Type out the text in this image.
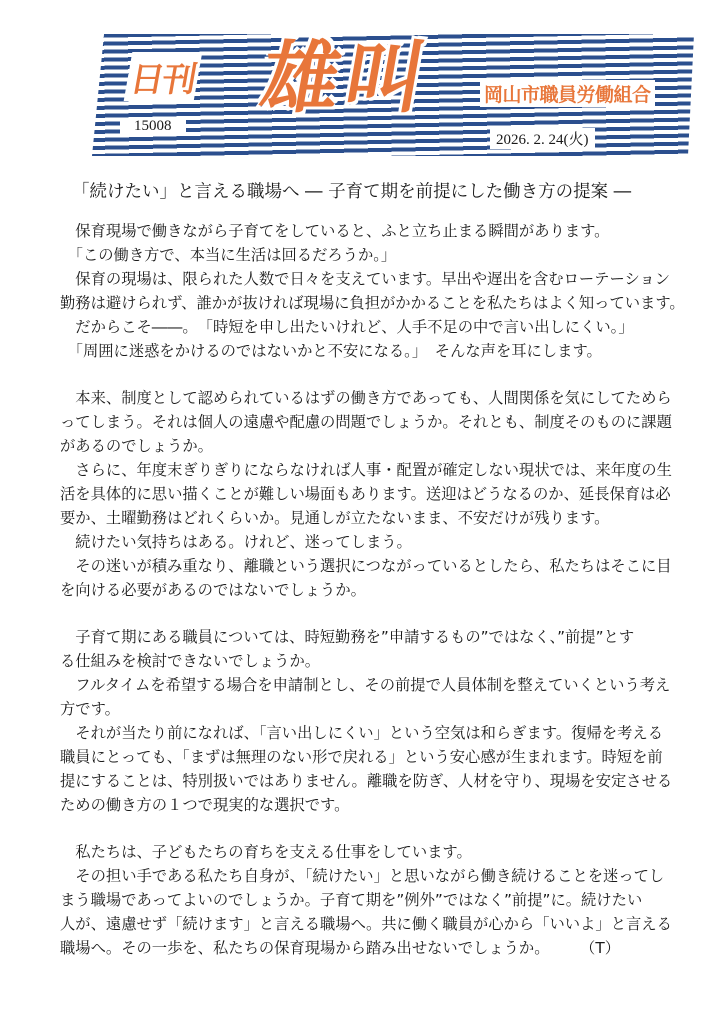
日刊 雄叫 岡山市職員労働組合
15008
2026. 2. 24(火)
「続けたい」と言える職場へ ― 子育て期を前提にした働き方の提案 ―
　保育現場で働きながら子育てをしていると、ふと立ち止まる瞬間があります。
　「この働き方で、本当に生活は回るだろうか。」
　保育の現場は、限られた人数で日々を支えています。早出や遅出を含むローテーション
勤務は避けられず、誰かが抜ければ現場に負担がかかることを私たちはよく知っています。
　だからこそ――。　「時短を申し出たいけれど、人手不足の中で言い出しにくい。」
　「周囲に迷惑をかけるのではないかと不安になる。」　そんな声を耳にします。
　本来、制度として認められているはずの働き方であっても、人間関係を気にしてためら
ってしまう。それは個人の遠慮や配慮の問題でしょうか。それとも、制度そのものに課題
があるのでしょうか。
　さらに、年度末ぎりぎりにならなければ人事・配置が確定しない現状では、来年度の生
活を具体的に思い描くことが難しい場面もあります。送迎はどうなるのか、延長保育は必
要か、土曜勤務はどれくらいか。見通しが立たないまま、不安だけが残ります。
　続けたい気持ちはある。けれど、迷ってしまう。
　その迷いが積み重なり、離職という選択につながっているとしたら、私たちはそこに目
を向ける必要があるのではないでしょうか。
　子育て期にある職員については、時短勤務を”申請するもの”ではなく、”前提”とす
る仕組みを検討できないでしょうか。
　フルタイムを希望する場合を申請制とし、その前提で人員体制を整えていくという考え
方です。
　それが当たり前になれば、「言い出しにくい」という空気は和らぎます。復帰を考える
職員にとっても、「まずは無理のない形で戻れる」という安心感が生まれます。時短を前
提にすることは、特別扱いではありません。離職を防ぎ、人材を守り、現場を安定させる
ための働き方の１つで現実的な選択です。
　私たちは、子どもたちの育ちを支える仕事をしています。
　その担い手である私たち自身が、「続けたい」と思いながら働き続けることを迷ってし
まう職場であってよいのでしょうか。子育て期を”例外”ではなく”前提”に。続けたい
人が、遠慮せず「続けます」と言える職場へ。共に働く職員が心から「いいよ」と言える
職場へ。その一歩を、私たちの保育現場から踏み出せないでしょうか。 （T）
